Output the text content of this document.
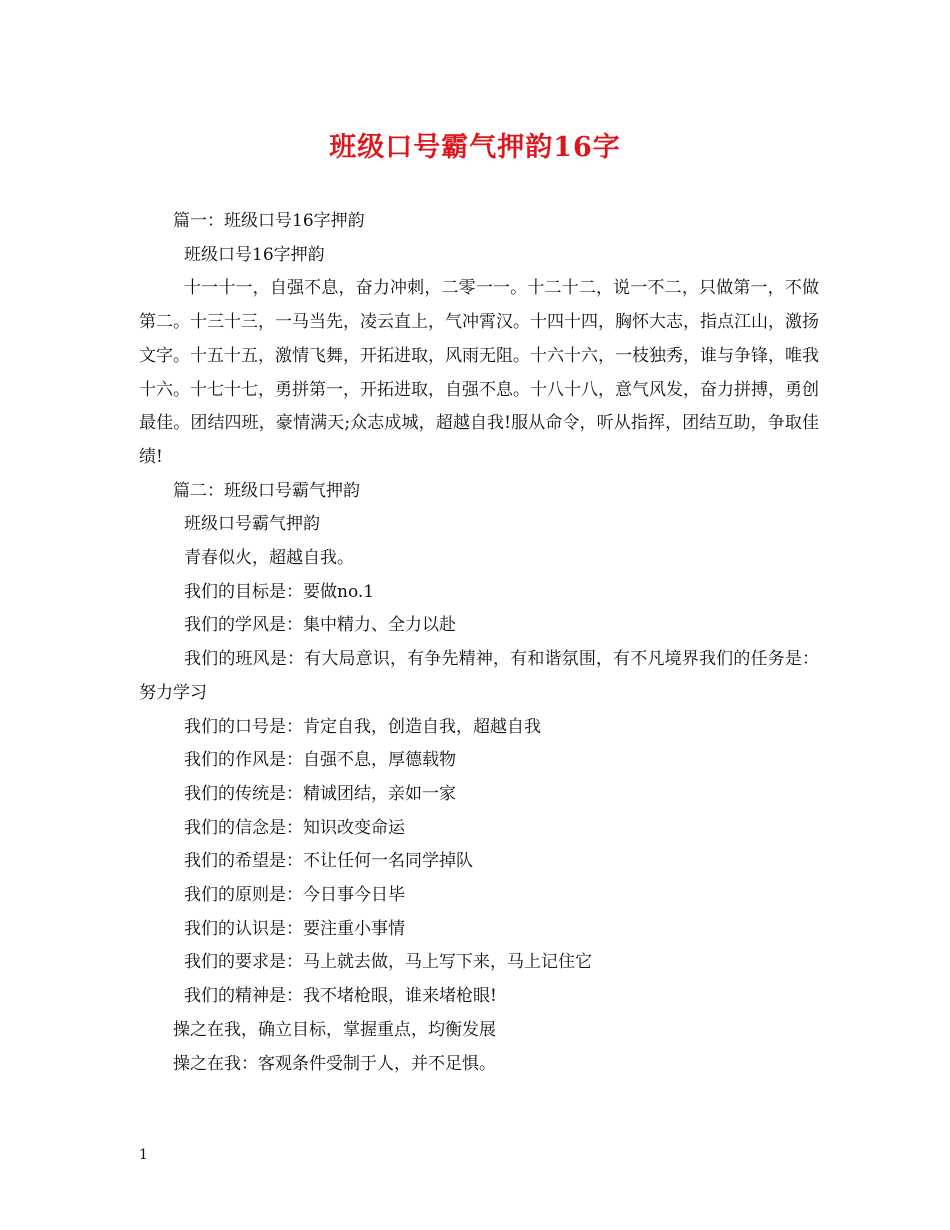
班级口号霸气押韵16字

篇一：班级口号16字押韵

班级口号16字押韵

十一十一，自强不息，奋力冲刺，二零一一。十二十二，说一不二，只做第一，不做第二。十三十三，一马当先，凌云直上，气冲霄汉。十四十四，胸怀大志，指点江山，激扬文字。十五十五，激情飞舞，开拓进取，风雨无阻。十六十六，一枝独秀，谁与争锋，唯我十六。十七十七，勇拼第一，开拓进取，自强不息。十八十八，意气风发，奋力拼搏，勇创最佳。团结四班，豪情满天;众志成城，超越自我!服从命令，听从指挥，团结互助，争取佳绩!

篇二：班级口号霸气押韵

班级口号霸气押韵

青春似火，超越自我。

我们的目标是：要做no.1

我们的学风是：集中精力、全力以赴

我们的班风是：有大局意识，有争先精神，有和谐氛围，有不凡境界我们的任务是：努力学习

我们的口号是：肯定自我，创造自我，超越自我

我们的作风是：自强不息，厚德载物

我们的传统是：精诚团结，亲如一家

我们的信念是：知识改变命运

我们的希望是：不让任何一名同学掉队

我们的原则是：今日事今日毕

我们的认识是：要注重小事情

我们的要求是：马上就去做，马上写下来，马上记住它

我们的精神是：我不堵枪眼，谁来堵枪眼!

操之在我，确立目标，掌握重点，均衡发展

操之在我：客观条件受制于人，并不足惧。

1
